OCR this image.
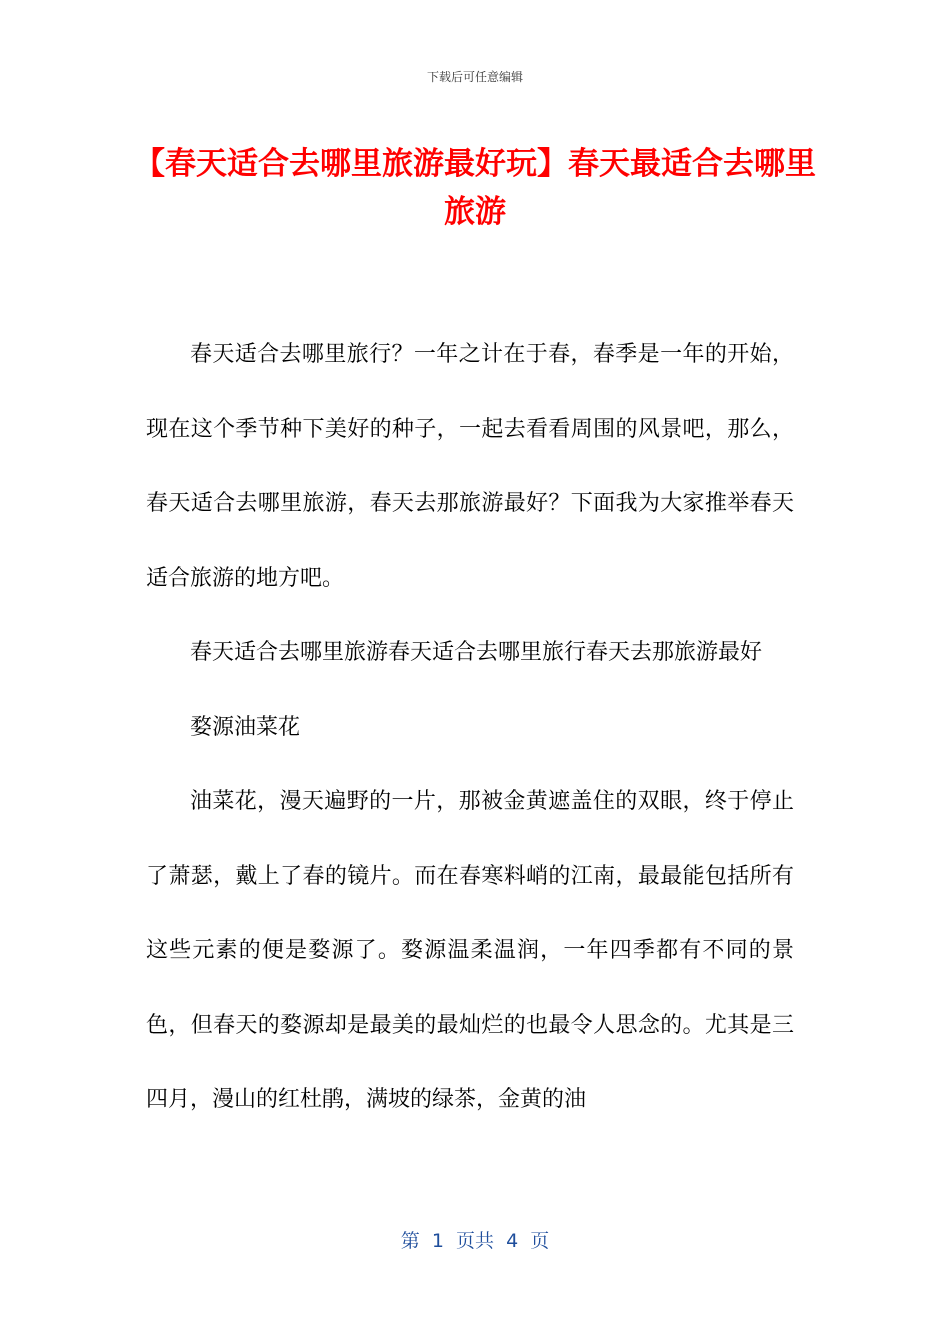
下载后可任意编辑
【春天适合去哪里旅游最好玩】春天最适合去哪里旅游

春天适合去哪里旅行？一年之计在于春，春季是一年的开始，现在这个季节种下美好的种子，一起去看看周围的风景吧，那么，春天适合去哪里旅游，春天去那旅游最好？下面我为大家推举春天适合旅游的地方吧。

春天适合去哪里旅游春天适合去哪里旅行春天去那旅游最好

婺源油菜花

油菜花，漫天遍野的一片，那被金黄遮盖住的双眼，终于停止了萧瑟，戴上了春的镜片。而在春寒料峭的江南，最最能包括所有这些元素的便是婺源了。婺源温柔温润，一年四季都有不同的景色，但春天的婺源却是最美的最灿烂的也最令人思念的。尤其是三四月，漫山的红杜鹃，满坡的绿茶，金黄的油

第  1  页共  4  页
